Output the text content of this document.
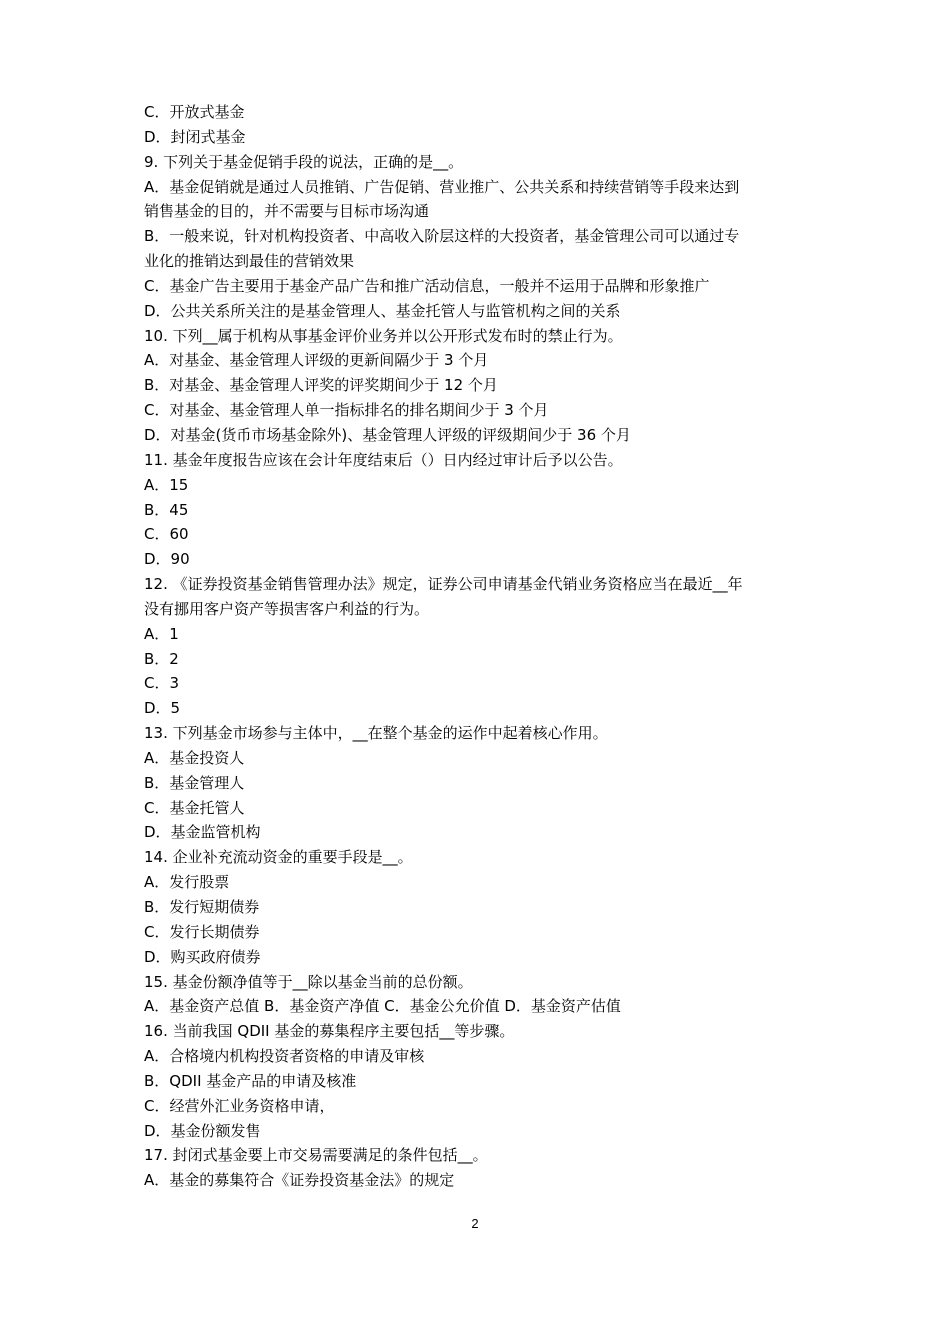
C．开放式基金
D．封闭式基金
9. 下列关于基金促销手段的说法，正确的是__。
A．基金促销就是通过人员推销、广告促销、营业推广、公共关系和持续营销等手段来达到
销售基金的目的，并不需要与目标市场沟通
B．一般来说，针对机构投资者、中高收入阶层这样的大投资者，基金管理公司可以通过专
业化的推销达到最佳的营销效果
C．基金广告主要用于基金产品广告和推广活动信息，一般并不运用于品牌和形象推广
D．公共关系所关注的是基金管理人、基金托管人与监管机构之间的关系
10. 下列__属于机构从事基金评价业务并以公开形式发布时的禁止行为。
A．对基金、基金管理人评级的更新间隔少于 3 个月
B．对基金、基金管理人评奖的评奖期间少于 12 个月
C．对基金、基金管理人单一指标排名的排名期间少于 3 个月
D．对基金(货币市场基金除外)、基金管理人评级的评级期间少于 36 个月
11. 基金年度报告应该在会计年度结束后（）日内经过审计后予以公告。
A．15
B．45
C．60
D．90
12. 《证券投资基金销售管理办法》规定，证券公司申请基金代销业务资格应当在最近__年
没有挪用客户资产等损害客户利益的行为。
A．1
B．2
C．3
D．5
13. 下列基金市场参与主体中，__在整个基金的运作中起着核心作用。
A．基金投资人
B．基金管理人
C．基金托管人
D．基金监管机构
14. 企业补充流动资金的重要手段是__。
A．发行股票
B．发行短期债券
C．发行长期债券
D．购买政府债券
15. 基金份额净值等于__除以基金当前的总份额。
A．基金资产总值 B．基金资产净值 C．基金公允价值 D．基金资产估值
16. 当前我国 QDII 基金的募集程序主要包括__等步骤。
A．合格境内机构投资者资格的申请及审核
B．QDII 基金产品的申请及核准
C．经营外汇业务资格申请，
D．基金份额发售
17. 封闭式基金要上市交易需要满足的条件包括__。
A．基金的募集符合《证券投资基金法》的规定
2
